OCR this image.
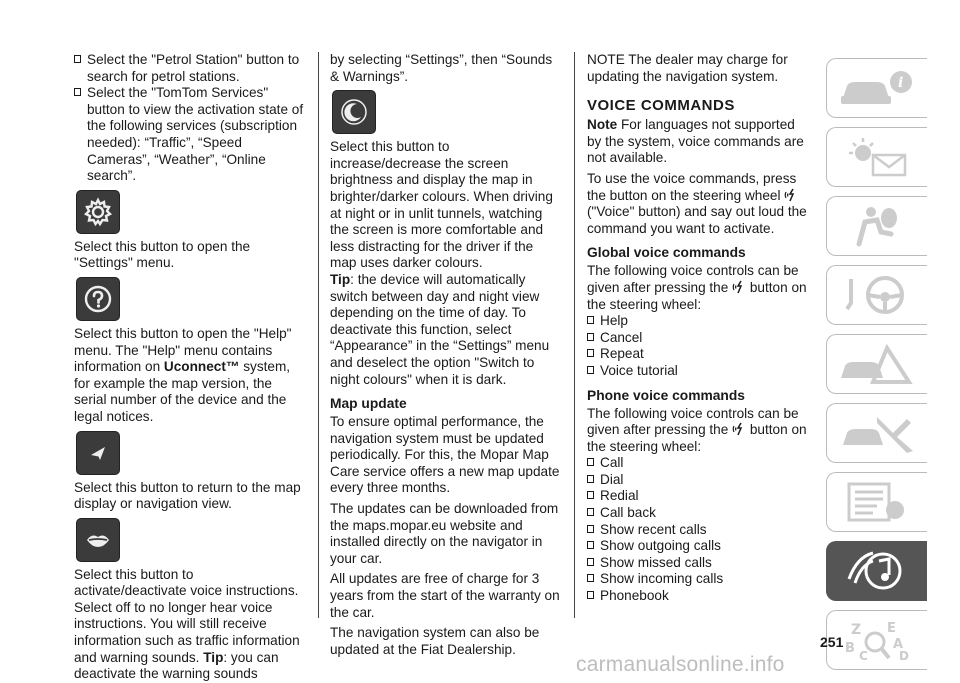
Select the "Petrol Station" button to search for petrol stations.

Select the "TomTom Services" button to view the activation state of the following services (subscription needed): “Traffic”, “Speed Cameras”, “Weather”, “Online search”.

Select this button to open the "Settings" menu.

Select this button to open the "Help" menu. The "Help" menu contains information on Uconnect™ system, for example the map version, the serial number of the device and the legal notices.

Select this button to return to the map display or navigation view.

Select this button to activate/deactivate voice instructions. Select off to no longer hear voice instructions. You will still receive information such as traffic information and warning sounds. Tip: you can deactivate the warning sounds

by selecting “Settings”, then “Sounds & Warnings”.

Select this button to increase/decrease the screen brightness and display the map in brighter/darker colours. When driving at night or in unlit tunnels, watching the screen is more comfortable and less distracting for the driver if the map uses darker colours.

Tip: the device will automatically switch between day and night view depending on the time of day. To deactivate this function, select “Appearance” in the “Settings” menu and deselect the option "Switch to night colours" when it is dark.

Map update

To ensure optimal performance, the navigation system must be updated periodically. For this, the Mopar Map Care service offers a new map update every three months.

The updates can be downloaded from the maps.mopar.eu website and installed directly on the navigator in your car.

All updates are free of charge for 3 years from the start of the warranty on the car.

The navigation system can also be updated at the Fiat Dealership.

NOTE The dealer may charge for updating the navigation system.

VOICE COMMANDS

Note For languages not supported by the system, voice commands are not available.

To use the voice commands, press the button on the steering wheel  ("Voice" button) and say out loud the command you want to activate.

Global voice commands

The following voice controls can be given after pressing the  button on the steering wheel:

Help

Cancel

Repeat

Voice tutorial

Phone voice commands

The following voice controls can be given after pressing the  button on the steering wheel:

Call

Dial

Redial

Call back

Show recent calls

Show outgoing calls

Show missed calls

Show incoming calls

Phonebook

i
Z E
B	A
C	D
251
carmanualsonline.info
